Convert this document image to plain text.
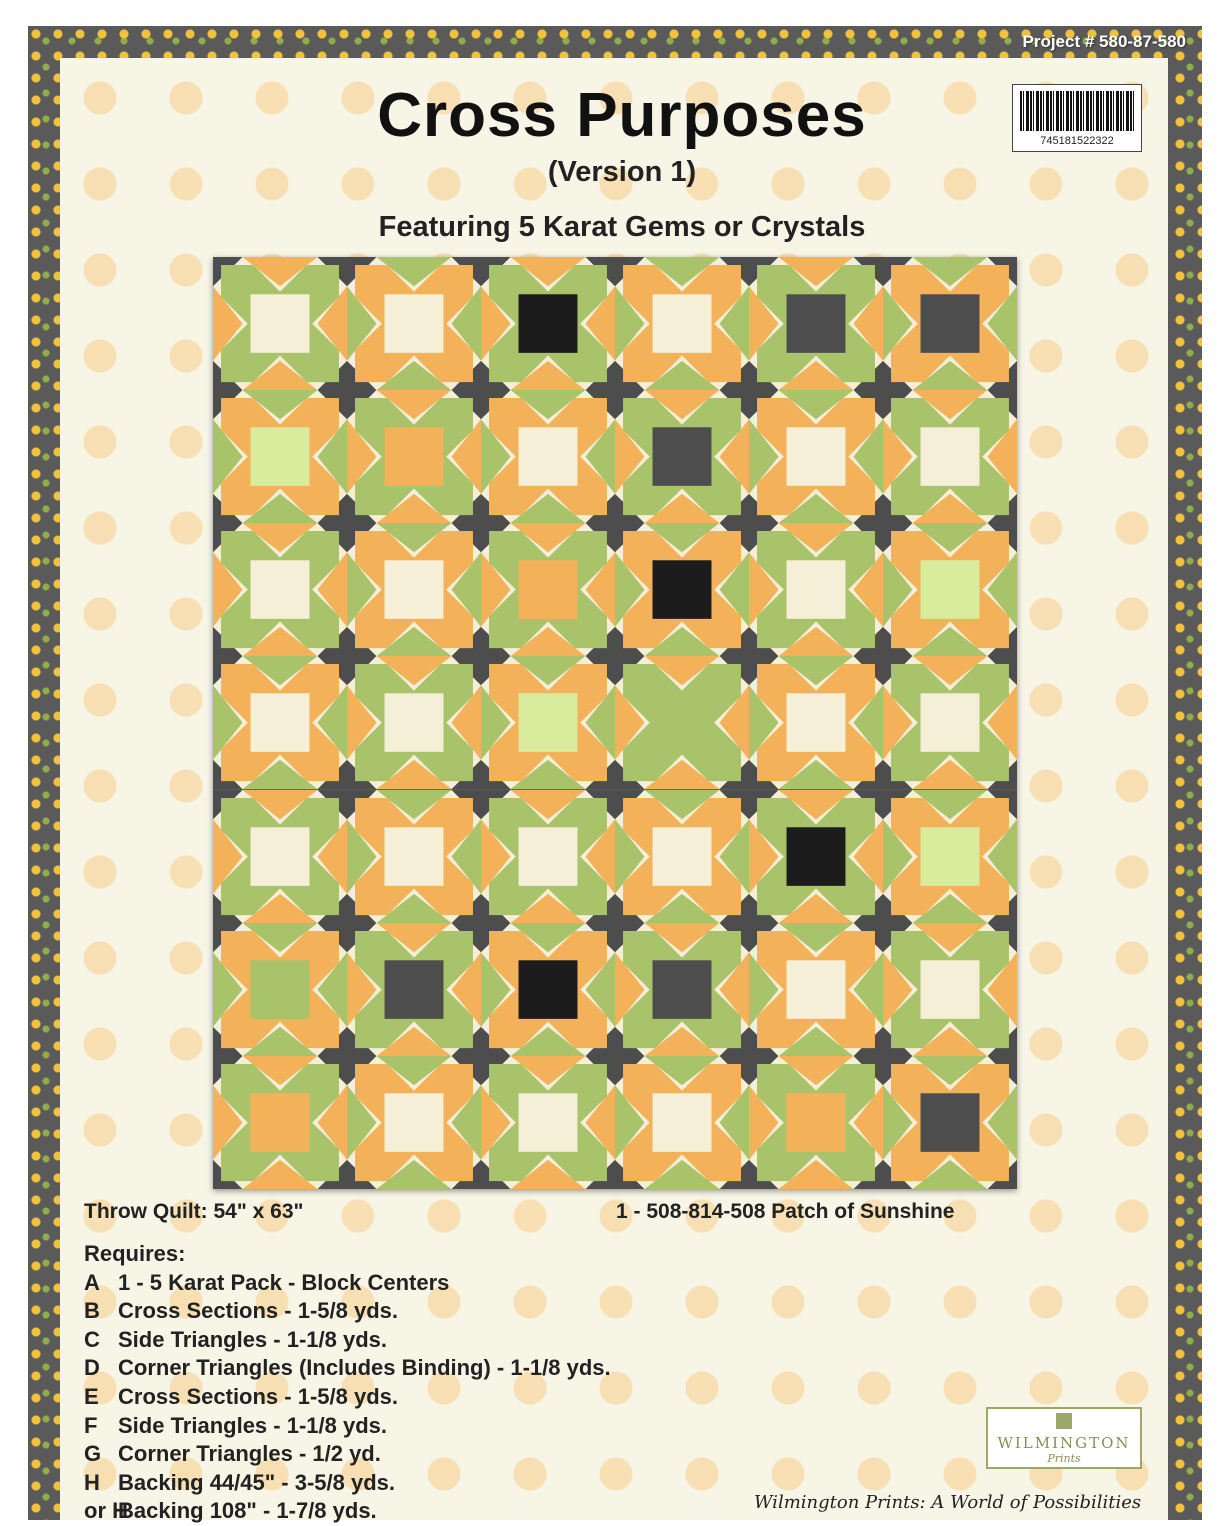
Project # 580-87-580
745181522322
Cross Purposes
(Version 1)
Featuring 5 Karat Gems or Crystals
Throw Quilt: 54" x 63"	1 - 508-814-508 Patch of Sunshine
Requires:
A 1 - 5 Karat Pack - Block Centers
B Cross Sections - 1-5/8 yds.
C Side Triangles - 1-1/8 yds.
D Corner Triangles (Includes Binding) - 1-1/8 yds.
E Cross Sections - 1-5/8 yds.
F Side Triangles - 1-1/8 yds.
G Corner Triangles - 1/2 yd.
H Backing 44/45" - 3-5/8 yds.
or HBacking 108" - 1-7/8 yds.
WILMINGTON
Prints
Wilmington Prints: A World of Possibilities
